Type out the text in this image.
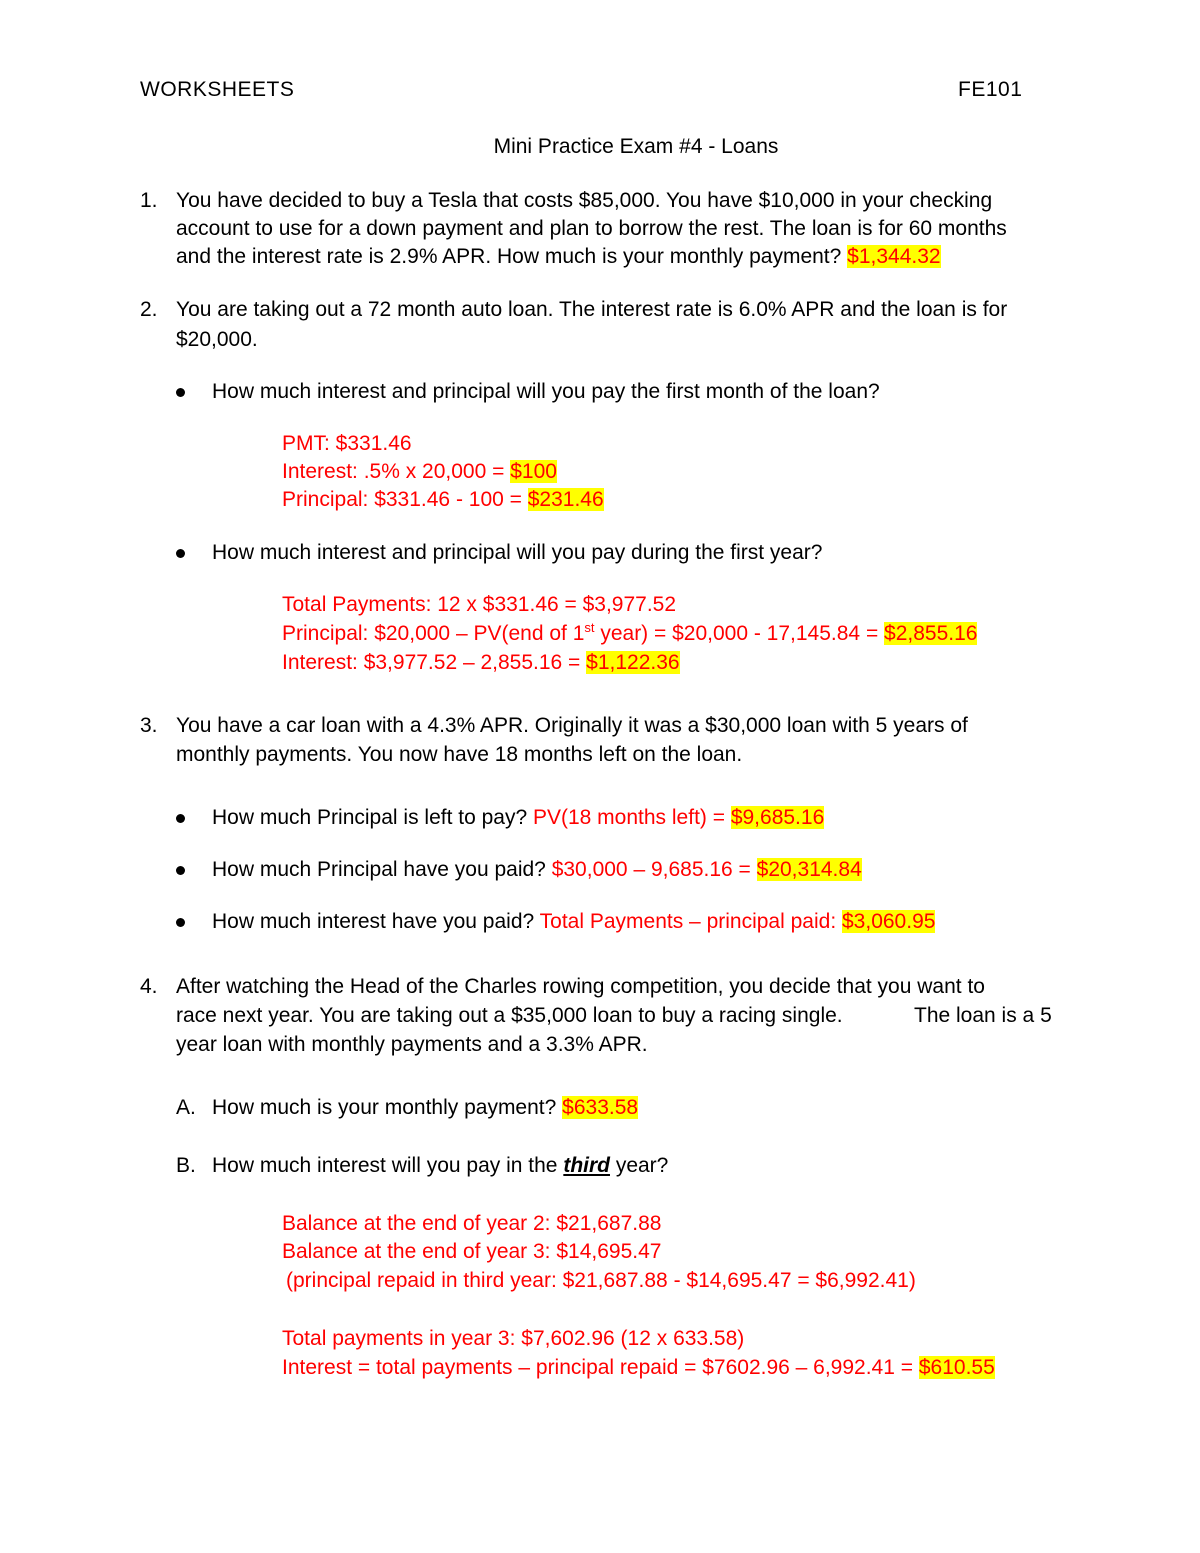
WORKSHEETS	FE101
Mini Practice Exam #4 - Loans
1. You have decided to buy a Tesla that costs $85,000. You have $10,000 in your checking
account to use for a down payment and plan to borrow the rest. The loan is for 60 months
and the interest rate is 2.9% APR. How much is your monthly payment? $1,344.32
2. You are taking out a 72 month auto loan. The interest rate is 6.0% APR and the loan is for
$20,000.
How much interest and principal will you pay the first month of the loan?
PMT: $331.46
Interest: .5% x 20,000 = $100
Principal: $331.46 - 100 = $231.46
How much interest and principal will you pay during the first year?
Total Payments: 12 x $331.46 = $3,977.52
Principal: $20,000 – PV(end of 1st year) = $20,000 - 17,145.84 = $2,855.16
Interest: $3,977.52 – 2,855.16 = $1,122.36
3. You have a car loan with a 4.3% APR. Originally it was a $30,000 loan with 5 years of
monthly payments. You now have 18 months left on the loan.
How much Principal is left to pay? PV(18 months left) = $9,685.16
How much Principal have you paid? $30,000 – 9,685.16 = $20,314.84
How much interest have you paid? Total Payments – principal paid: $3,060.95
4. After watching the Head of the Charles rowing competition, you decide that you want to
race next year. You are taking out a $35,000 loan to buy a racing single.	The loan is a 5
year loan with monthly payments and a 3.3% APR.
A. How much is your monthly payment? $633.58
B. How much interest will you pay in the third year?
Balance at the end of year 2: $21,687.88
Balance at the end of year 3: $14,695.47
(principal repaid in third year: $21,687.88 - $14,695.47 = $6,992.41)
Total payments in year 3: $7,602.96 (12 x 633.58)
Interest = total payments – principal repaid = $7602.96 – 6,992.41 = $610.55
